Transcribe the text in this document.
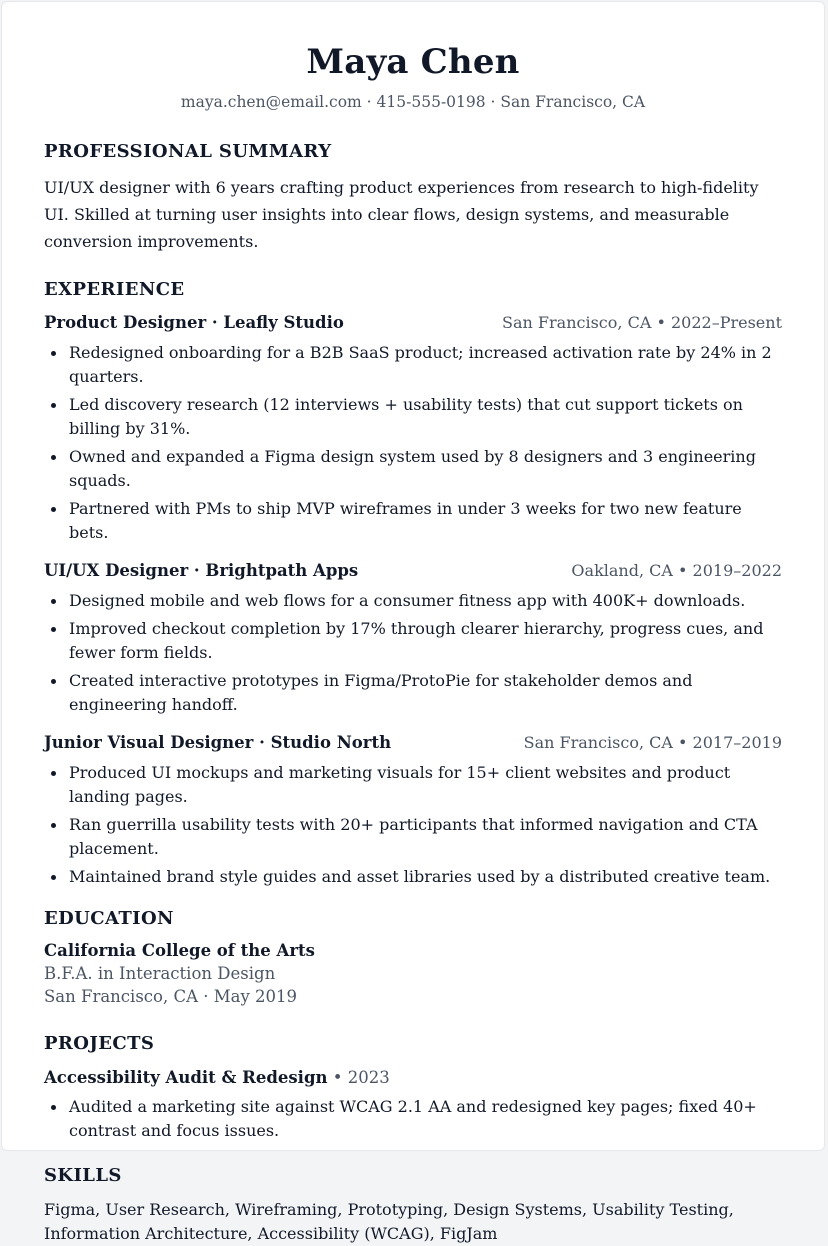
Maya Chen
maya.chen@email.com · 415-555-0198 · San Francisco, CA
PROFESSIONAL SUMMARY

UI/UX designer with 6 years crafting product experiences from research to high-fidelity UI. Skilled at turning user insights into clear flows, design systems, and measurable conversion improvements.

EXPERIENCE
Product Designer · Leafly Studio	San Francisco, CA • 2022–Present
Redesigned onboarding for a B2B SaaS product; increased activation rate by 24% in 2 quarters.
Led discovery research (12 interviews + usability tests) that cut support tickets on billing by 31%.
Owned and expanded a Figma design system used by 8 designers and 3 engineering squads.
Partnered with PMs to ship MVP wireframes in under 3 weeks for two new feature bets.
UI/UX Designer · Brightpath Apps	Oakland, CA • 2019–2022
Designed mobile and web flows for a consumer fitness app with 400K+ downloads.
Improved checkout completion by 17% through clearer hierarchy, progress cues, and fewer form fields.
Created interactive prototypes in Figma/ProtoPie for stakeholder demos and engineering handoff.
Junior Visual Designer · Studio North	San Francisco, CA • 2017–2019
Produced UI mockups and marketing visuals for 15+ client websites and product landing pages.
Ran guerrilla usability tests with 20+ participants that informed navigation and CTA placement.
Maintained brand style guides and asset libraries used by a distributed creative team.
EDUCATION
California College of the Arts
B.F.A. in Interaction Design
San Francisco, CA · May 2019
PROJECTS
Accessibility Audit & Redesign • 2023
Audited a marketing site against WCAG 2.1 AA and redesigned key pages; fixed 40+ contrast and focus issues.
SKILLS

Figma, User Research, Wireframing, Prototyping, Design Systems, Usability Testing, Information Architecture, Accessibility (WCAG), FigJam
